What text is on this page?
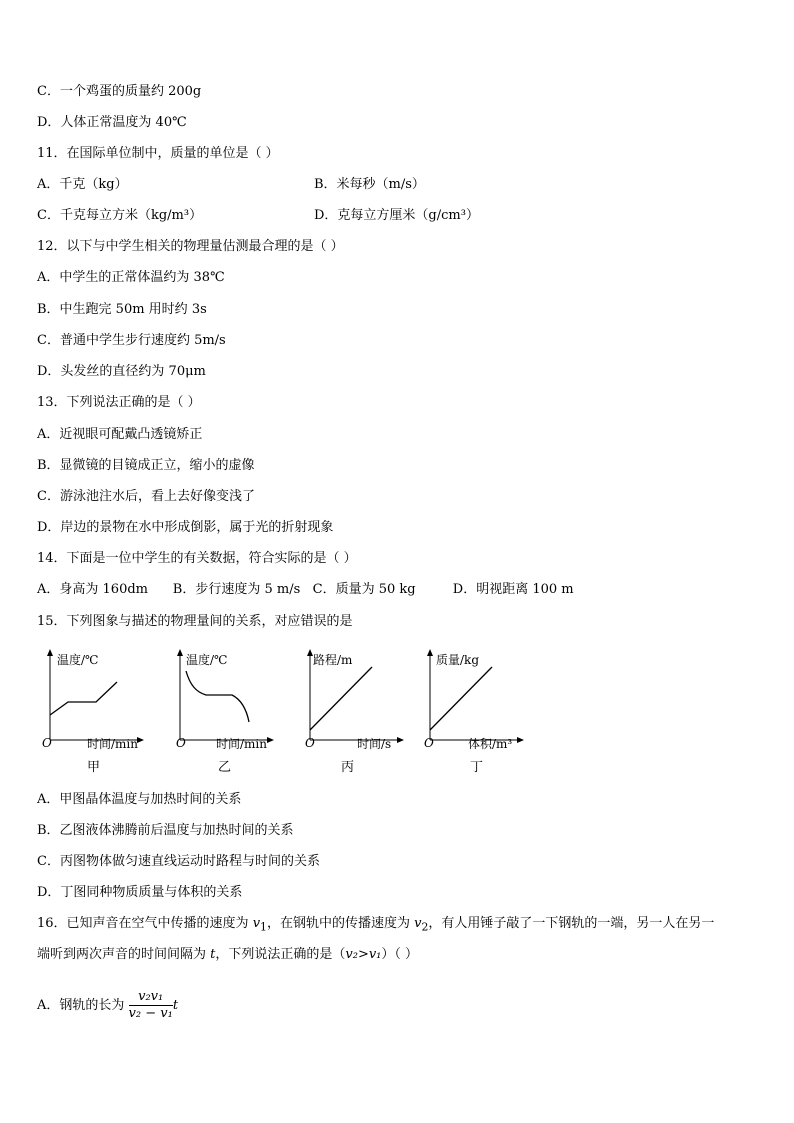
C．一个鸡蛋的质量约 200g
D．人体正常温度为 40℃
11．在国际单位制中，质量的单位是（ ）
A．千克（kg）	B．米每秒（m/s）
C．千克每立方米（kg/m³）	D．克每立方厘米（g/cm³）
12．以下与中学生相关的物理量估测最合理的是（ ）
A．中学生的正常体温约为 38℃
B．中生跑完 50m 用时约 3s
C．普通中学生步行速度约 5m/s
D．头发丝的直径约为 70μm
13．下列说法正确的是（ ）
A．近视眼可配戴凸透镜矫正
B．显微镜的目镜成正立，缩小的虚像
C．游泳池注水后，看上去好像变浅了
D．岸边的景物在水中形成倒影，属于光的折射现象
14．下面是一位中学生的有关数据，符合实际的是（ ）
A．身高为 160dm      B．步行速度为 5 m/s   C．质量为 50 kg         D．明视距离 100 m
15．下列图象与描述的物理量间的关系，对应错误的是
温度/℃
O	时间/min
甲
温度/℃
O	时间/min
乙
路程/m
O	时间/s
丙
质量/kg
O	体积/m³
丁
A．甲图晶体温度与加热时间的关系
B．乙图液体沸腾前后温度与加热时间的关系
C．丙图物体做匀速直线运动时路程与时间的关系
D．丁图同种物质质量与体积的关系
16．已知声音在空气中传播的速度为 $v_1$，在钢轨中的传播速度为 $v_2$，有人用锤子敲了一下钢轨的一端，另一人在另一
端听到两次声音的时间间隔为 t，下列说法正确的是（v₂>v₁）（ ）
A．钢轨的长为 $\frac{\text{v₂v₁}}{\text{v₂ − v₁}}$ t
